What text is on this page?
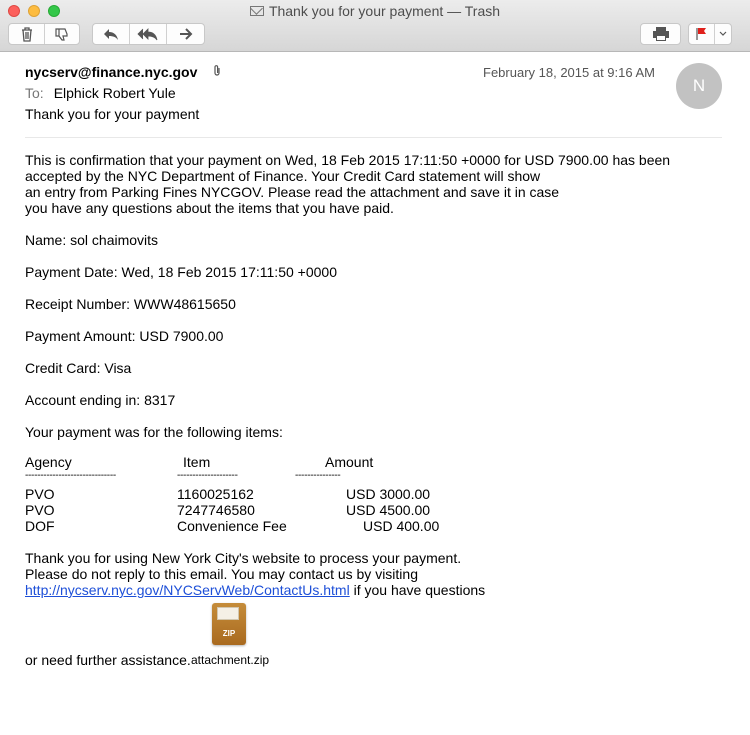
Thank you for your payment — Trash
nycserv@finance.nyc.gov	February 18, 2015 at 9:16 AM
To: Elphick Robert Yule
Thank you for your payment
N
This is confirmation that your payment on Wed, 18 Feb 2015 17:11:50 +0000 for USD 7900.00 has been
accepted by the NYC Department of Finance. Your Credit Card statement will show
an entry from Parking Fines NYCGOV. Please read the attachment and save it in case
you have any questions about the items that you have paid.
Name: sol chaimovits
Payment Date: Wed, 18 Feb 2015 17:11:50 +0000
Receipt Number: WWW48615650
Payment Amount: USD 7900.00
Credit Card: Visa
Account ending in: 8317
Your payment was for the following items:
Agency	Item	Amount
------------------------------	--------------------	---------------
PVO	1160025162	USD 3000.00
PVO	7247746580	USD 4500.00
DOF	Convenience Fee	USD 400.00
Thank you for using New York City's website to process your payment.
Please do not reply to this email. You may contact us by visiting
http://nycserv.nyc.gov/NYCServWeb/ContactUs.html if you have questions
or need further assistance.
ZIP
attachment.zip
